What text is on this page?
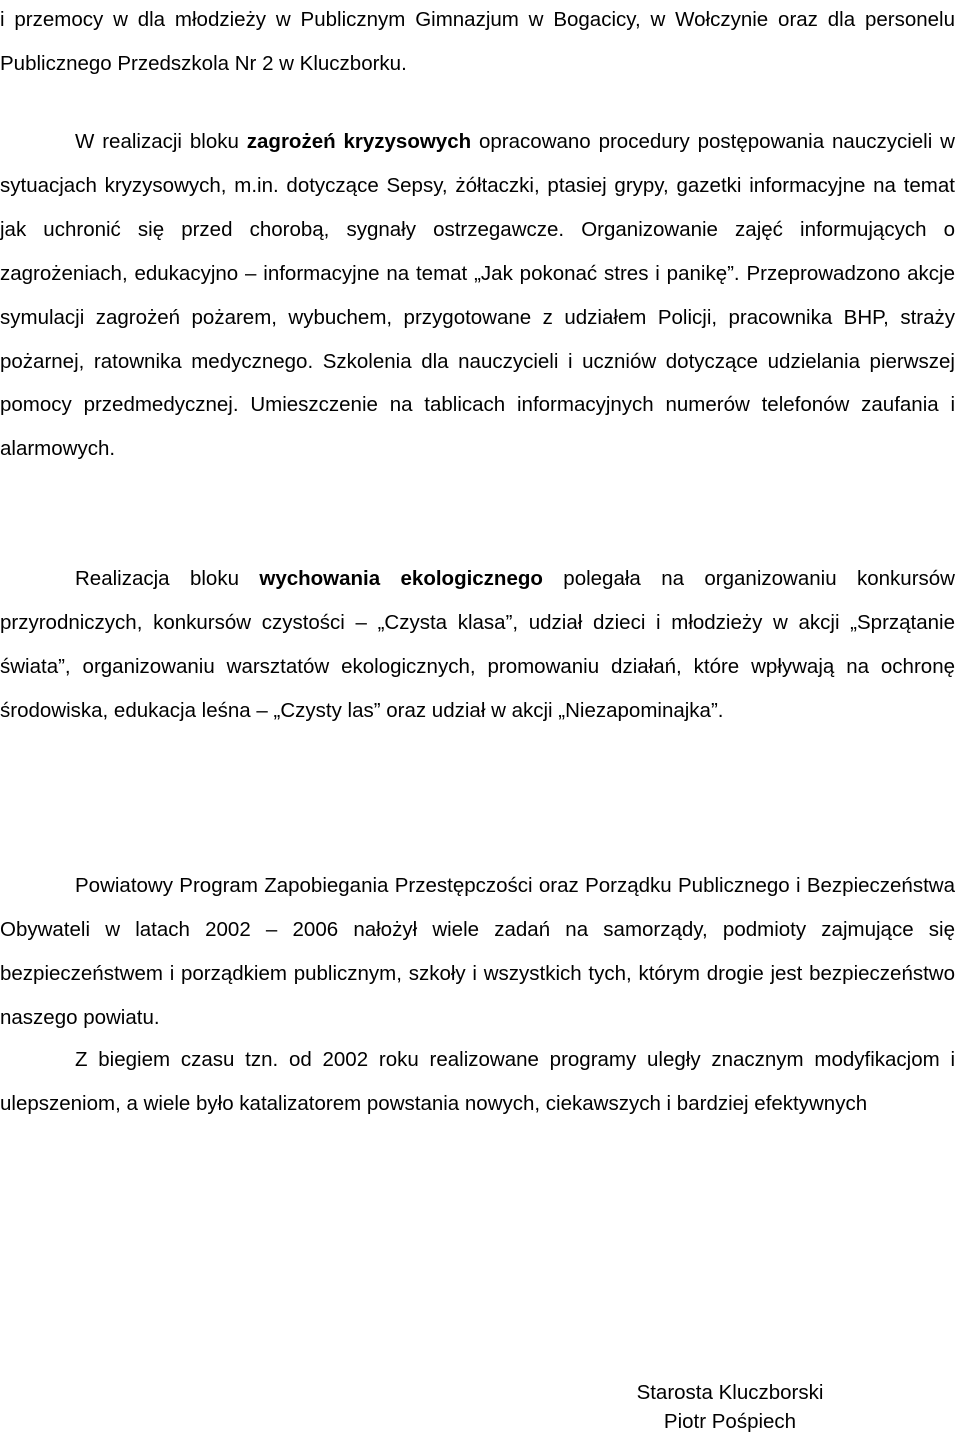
i przemocy w dla młodzieży w Publicznym Gimnazjum w Bogacicy, w Wołczynie oraz dla personelu Publicznego Przedszkola Nr 2 w Kluczborku.

W realizacji bloku zagrożeń kryzysowych opracowano procedury postępowania nauczycieli w sytuacjach kryzysowych, m.in. dotyczące Sepsy, żółtaczki, ptasiej grypy, gazetki informacyjne na temat jak uchronić się przed chorobą, sygnały ostrzegawcze. Organizowanie zajęć informujących o zagrożeniach, edukacyjno – informacyjne na temat „Jak pokonać stres i panikę”. Przeprowadzono akcje symulacji zagrożeń pożarem, wybuchem, przygotowane z udziałem Policji, pracownika BHP, straży pożarnej, ratownika medycznego. Szkolenia dla nauczycieli i uczniów dotyczące udzielania pierwszej pomocy przedmedycznej. Umieszczenie na tablicach informacyjnych numerów telefonów zaufania i alarmowych.

Realizacja bloku wychowania ekologicznego polegała na organizowaniu konkursów przyrodniczych, konkursów czystości – „Czysta klasa”, udział dzieci i młodzieży w akcji „Sprzątanie świata”, organizowaniu warsztatów ekologicznych, promowaniu działań, które wpływają na ochronę środowiska, edukacja leśna – „Czysty las” oraz udział w akcji „Niezapominajka”.

Powiatowy Program Zapobiegania Przestępczości oraz Porządku Publicznego i Bezpieczeństwa Obywateli w latach 2002 – 2006 nałożył wiele zadań na samorządy, podmioty zajmujące się bezpieczeństwem i porządkiem publicznym, szkoły i wszystkich tych, którym drogie jest bezpieczeństwo naszego powiatu.

Z biegiem czasu tzn. od 2002 roku realizowane programy uległy znacznym modyfikacjom i ulepszeniom, a wiele było katalizatorem powstania nowych, ciekawszych i bardziej efektywnych

Starosta Kluczborski
Piotr Pośpiech
